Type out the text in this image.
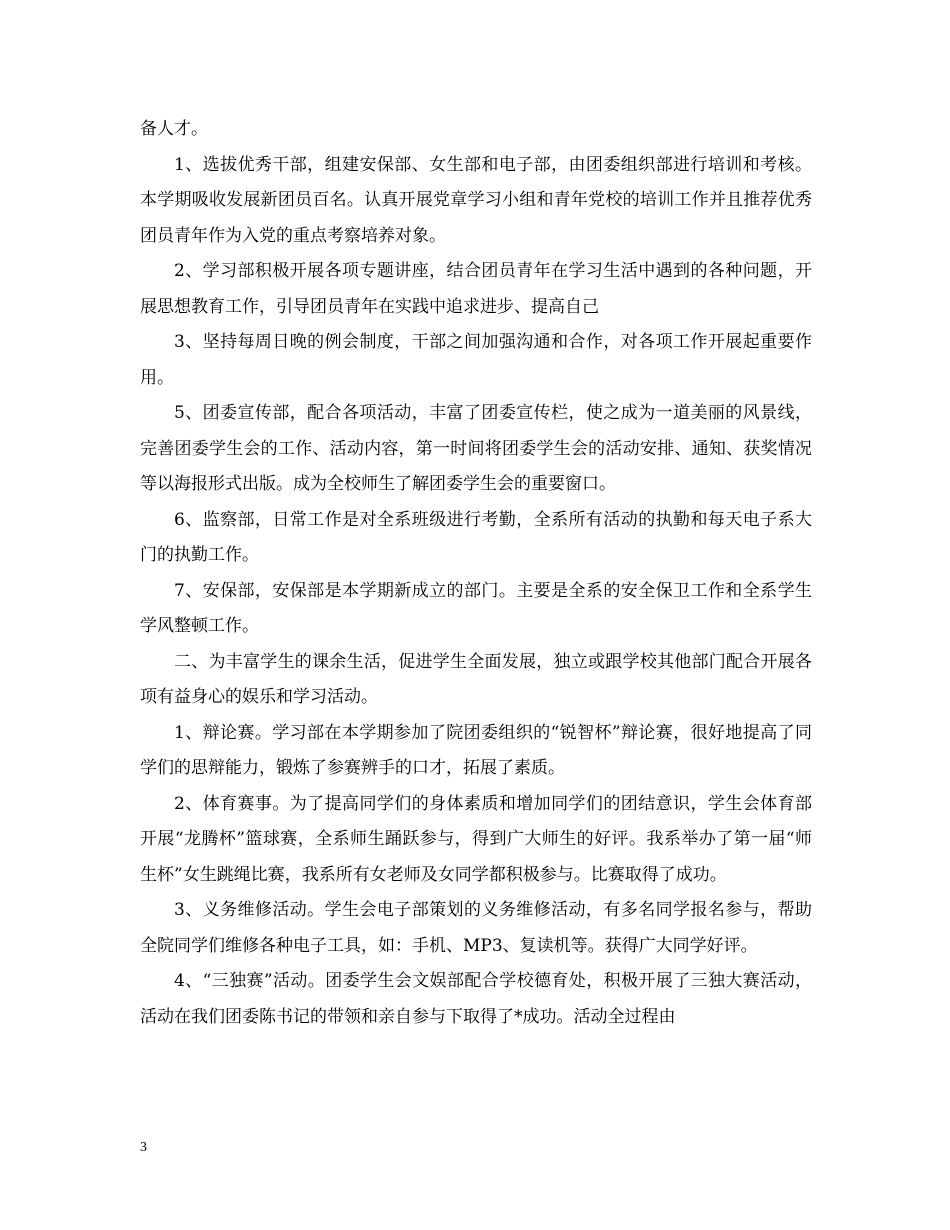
备人才。

1、选拔优秀干部，组建安保部、女生部和电子部，由团委组织部进行培训和考核。本学期吸收发展新团员百名。认真开展党章学习小组和青年党校的培训工作并且推荐优秀团员青年作为入党的重点考察培养对象。

2、学习部积极开展各项专题讲座，结合团员青年在学习生活中遇到的各种问题，开展思想教育工作，引导团员青年在实践中追求进步、提高自己

3、坚持每周日晚的例会制度，干部之间加强沟通和合作，对各项工作开展起重要作用。

5、团委宣传部，配合各项活动，丰富了团委宣传栏，使之成为一道美丽的风景线，完善团委学生会的工作、活动内容，第一时间将团委学生会的活动安排、通知、获奖情况等以海报形式出版。成为全校师生了解团委学生会的重要窗口。

6、监察部，日常工作是对全系班级进行考勤，全系所有活动的执勤和每天电子系大门的执勤工作。

7、安保部，安保部是本学期新成立的部门。主要是全系的安全保卫工作和全系学生学风整顿工作。

二、为丰富学生的课余生活，促进学生全面发展，独立或跟学校其他部门配合开展各项有益身心的娱乐和学习活动。

1、辩论赛。学习部在本学期参加了院团委组织的“锐智杯”辩论赛，很好地提高了同学们的思辩能力，锻炼了参赛辨手的口才，拓展了素质。

2、体育赛事。为了提高同学们的身体素质和增加同学们的团结意识，学生会体育部开展“龙腾杯”篮球赛，全系师生踊跃参与，得到广大师生的好评。我系举办了第一届“师生杯”女生跳绳比赛，我系所有女老师及女同学都积极参与。比赛取得了成功。

3、义务维修活动。学生会电子部策划的义务维修活动，有多名同学报名参与，帮助全院同学们维修各种电子工具，如：手机、MP3、复读机等。获得广大同学好评。

4、“三独赛”活动。团委学生会文娱部配合学校德育处，积极开展了三独大赛活动，活动在我们团委陈书记的带领和亲自参与下取得了*成功。活动全过程由

3
